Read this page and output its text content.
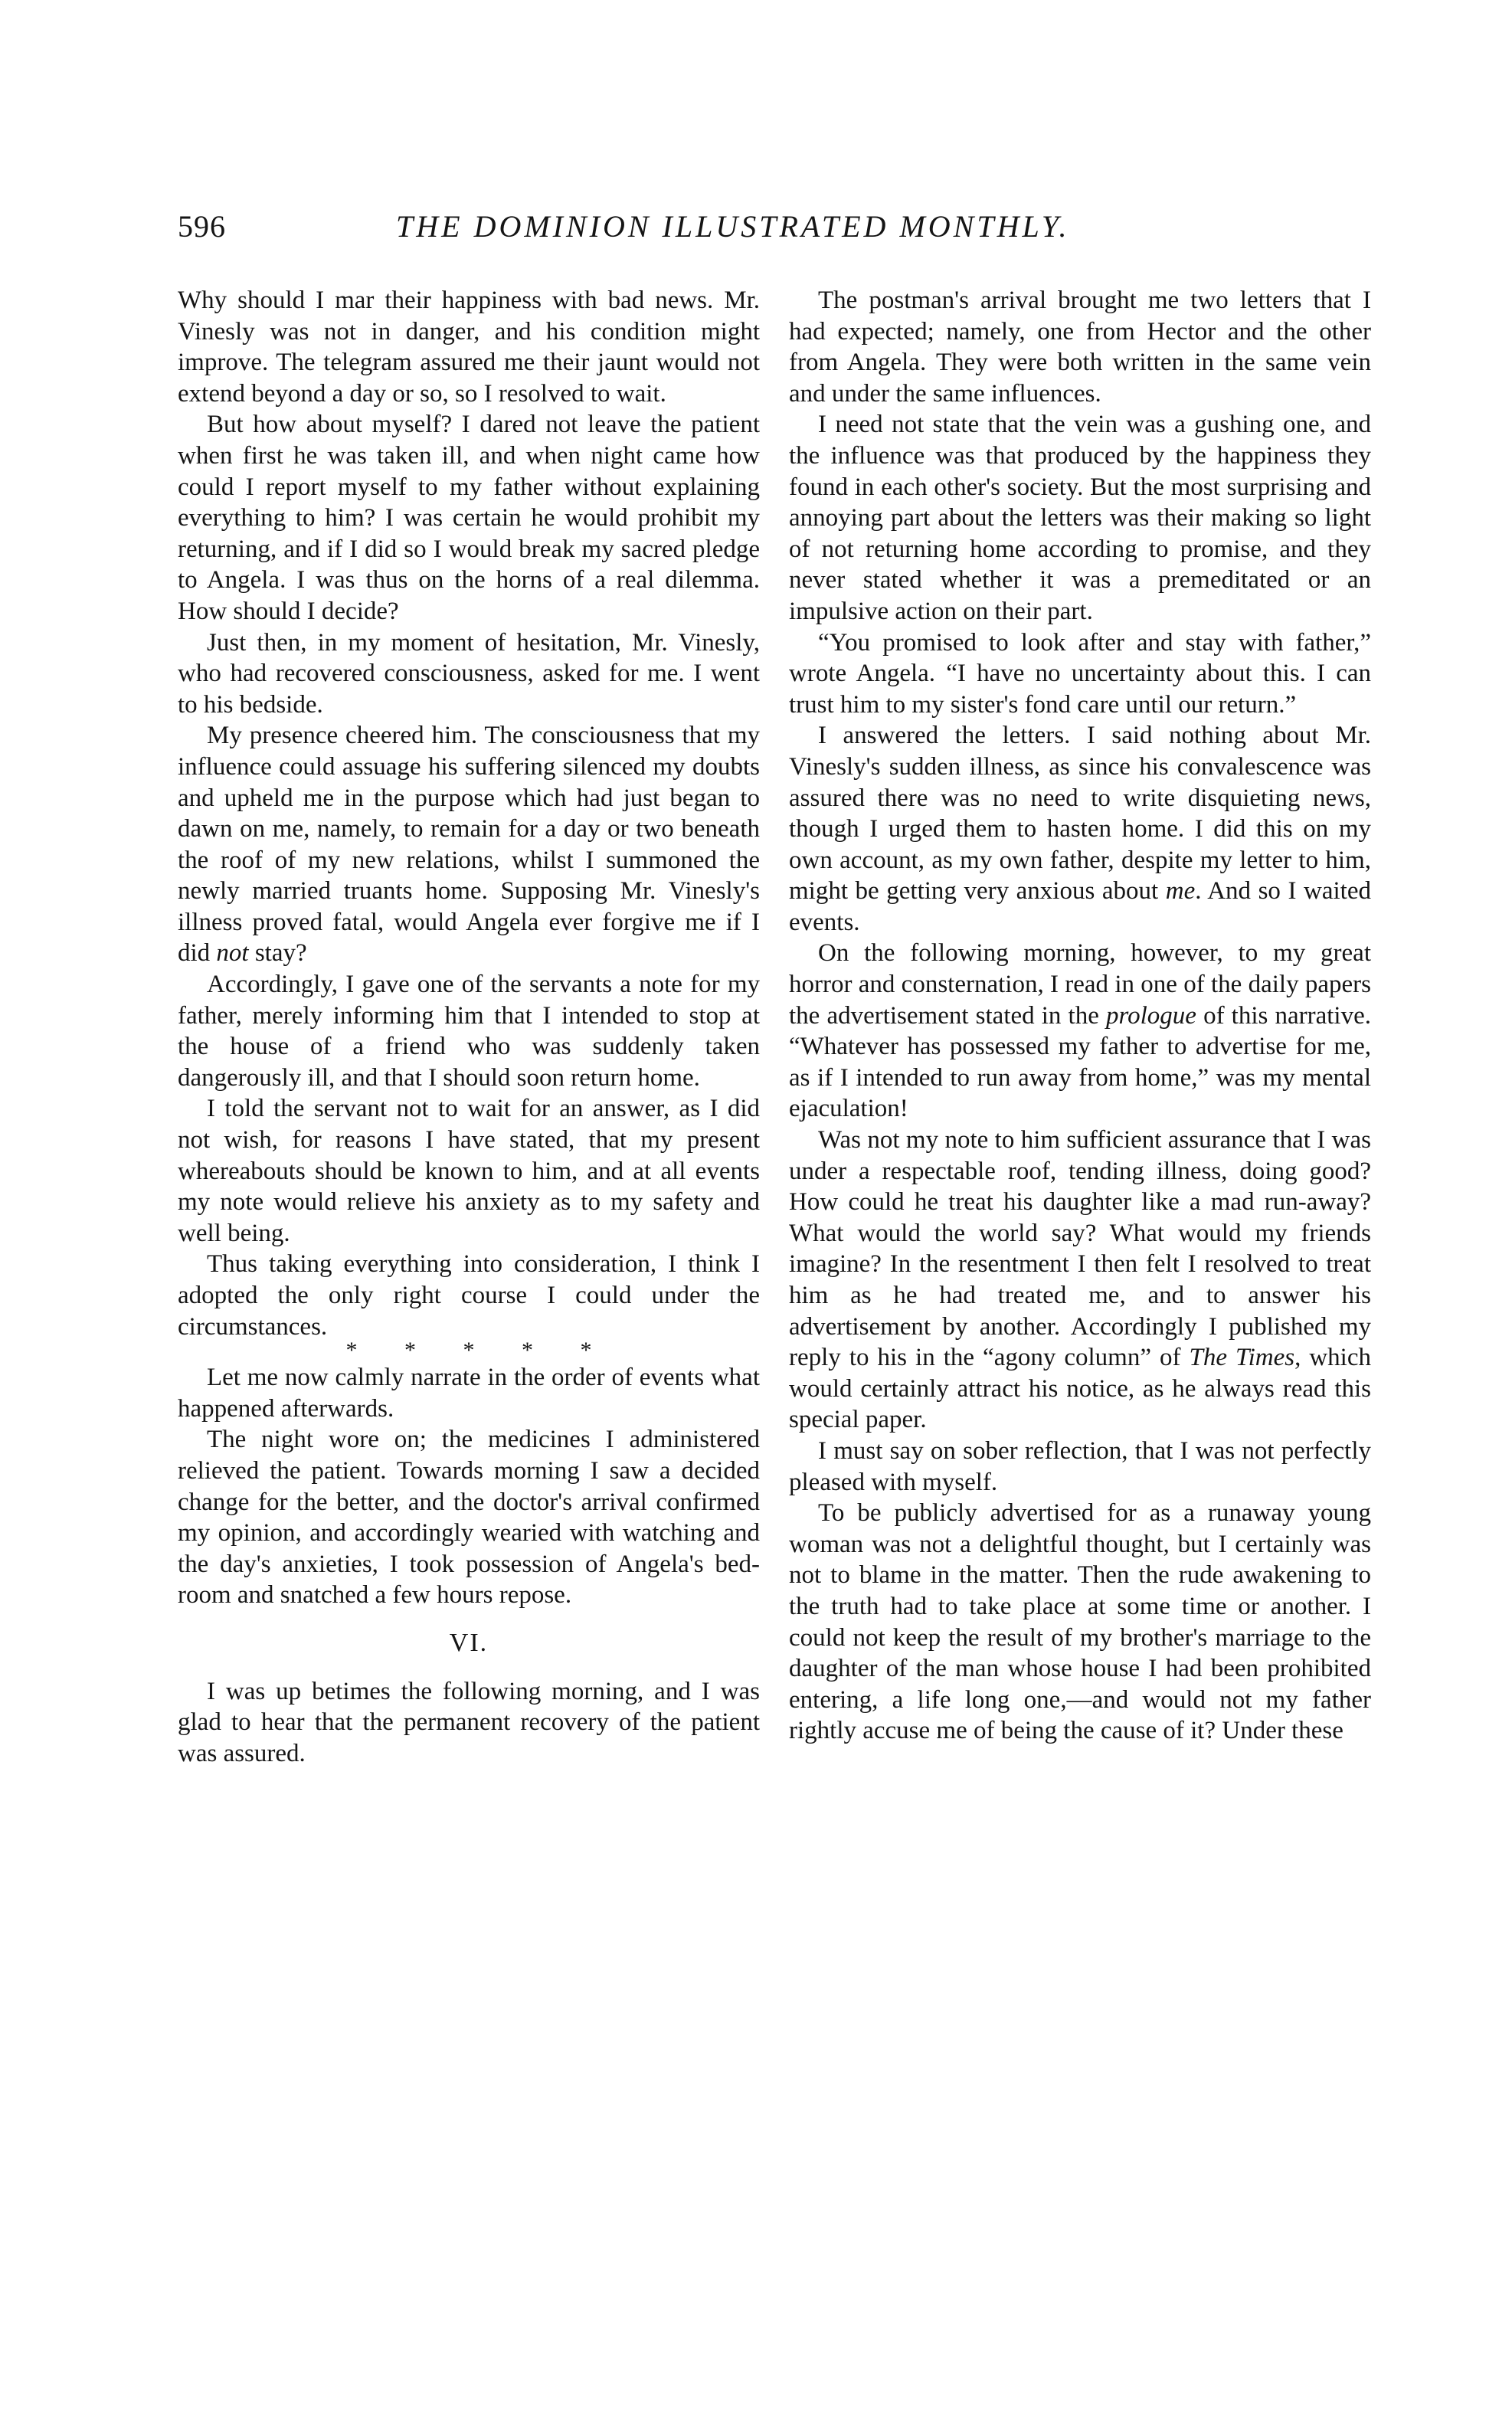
596	THE DOMINION ILLUSTRATED MONTHLY.

Why should I mar their happiness with bad news. Mr. Vinesly was not in danger, and his condition might improve. The telegram assured me their jaunt would not extend beyond a day or so, so I resolved to wait.

But how about myself? I dared not leave the patient when first he was taken ill, and when night came how could I report myself to my father without explaining everything to him? I was certain he would prohibit my returning, and if I did so I would break my sacred pledge to Angela. I was thus on the horns of a real dilemma. How should I decide?

Just then, in my moment of hesitation, Mr. Vinesly, who had recovered consciousness, asked for me. I went to his bedside.

My presence cheered him. The consciousness that my influence could assuage his suffering silenced my doubts and upheld me in the purpose which had just began to dawn on me, namely, to remain for a day or two beneath the roof of my new relations, whilst I summoned the newly married truants home. Supposing Mr. Vinesly's illness proved fatal, would Angela ever forgive me if I did not stay?

Accordingly, I gave one of the servants a note for my father, merely informing him that I intended to stop at the house of a friend who was suddenly taken dangerously ill, and that I should soon return home.

I told the servant not to wait for an answer, as I did not wish, for reasons I have stated, that my present whereabouts should be known to him, and at all events my note would relieve his anxiety as to my safety and well being.

Thus taking everything into consideration, I think I adopted the only right course I could under the circumstances.

* * * * *

Let me now calmly narrate in the order of events what happened afterwards.

The night wore on; the medicines I administered relieved the patient. Towards morning I saw a decided change for the better, and the doctor's arrival confirmed my opinion, and accordingly wearied with watching and the day's anxieties, I took possession of Angela's bed-room and snatched a few hours repose.

VI.

I was up betimes the following morning, and I was glad to hear that the permanent recovery of the patient was assured.

The postman's arrival brought me two letters that I had expected; namely, one from Hector and the other from Angela. They were both written in the same vein and under the same influences.

I need not state that the vein was a gushing one, and the influence was that produced by the happiness they found in each other's society. But the most surprising and annoying part about the letters was their making so light of not returning home according to promise, and they never stated whether it was a premeditated or an impulsive action on their part.

“You promised to look after and stay with father,” wrote Angela. “I have no uncertainty about this. I can trust him to my sister's fond care until our return.”

I answered the letters. I said nothing about Mr. Vinesly's sudden illness, as since his convalescence was assured there was no need to write disquieting news, though I urged them to hasten home. I did this on my own account, as my own father, despite my letter to him, might be getting very anxious about me. And so I waited events.

On the following morning, however, to my great horror and consternation, I read in one of the daily papers the advertisement stated in the prologue of this narrative. “Whatever has possessed my father to advertise for me, as if I intended to run away from home,” was my mental ejaculation!

Was not my note to him sufficient assurance that I was under a respectable roof, tending illness, doing good? How could he treat his daughter like a mad run-away? What would the world say? What would my friends imagine? In the resentment I then felt I resolved to treat him as he had treated me, and to answer his advertisement by another. Accordingly I published my reply to his in the “agony column” of The Times, which would certainly attract his notice, as he always read this special paper.

I must say on sober reflection, that I was not perfectly pleased with myself.

To be publicly advertised for as a runaway young woman was not a delightful thought, but I certainly was not to blame in the matter. Then the rude awakening to the truth had to take place at some time or another. I could not keep the result of my brother's marriage to the daughter of the man whose house I had been prohibited entering, a life long one,—and would not my father rightly accuse me of being the cause of it? Under these
